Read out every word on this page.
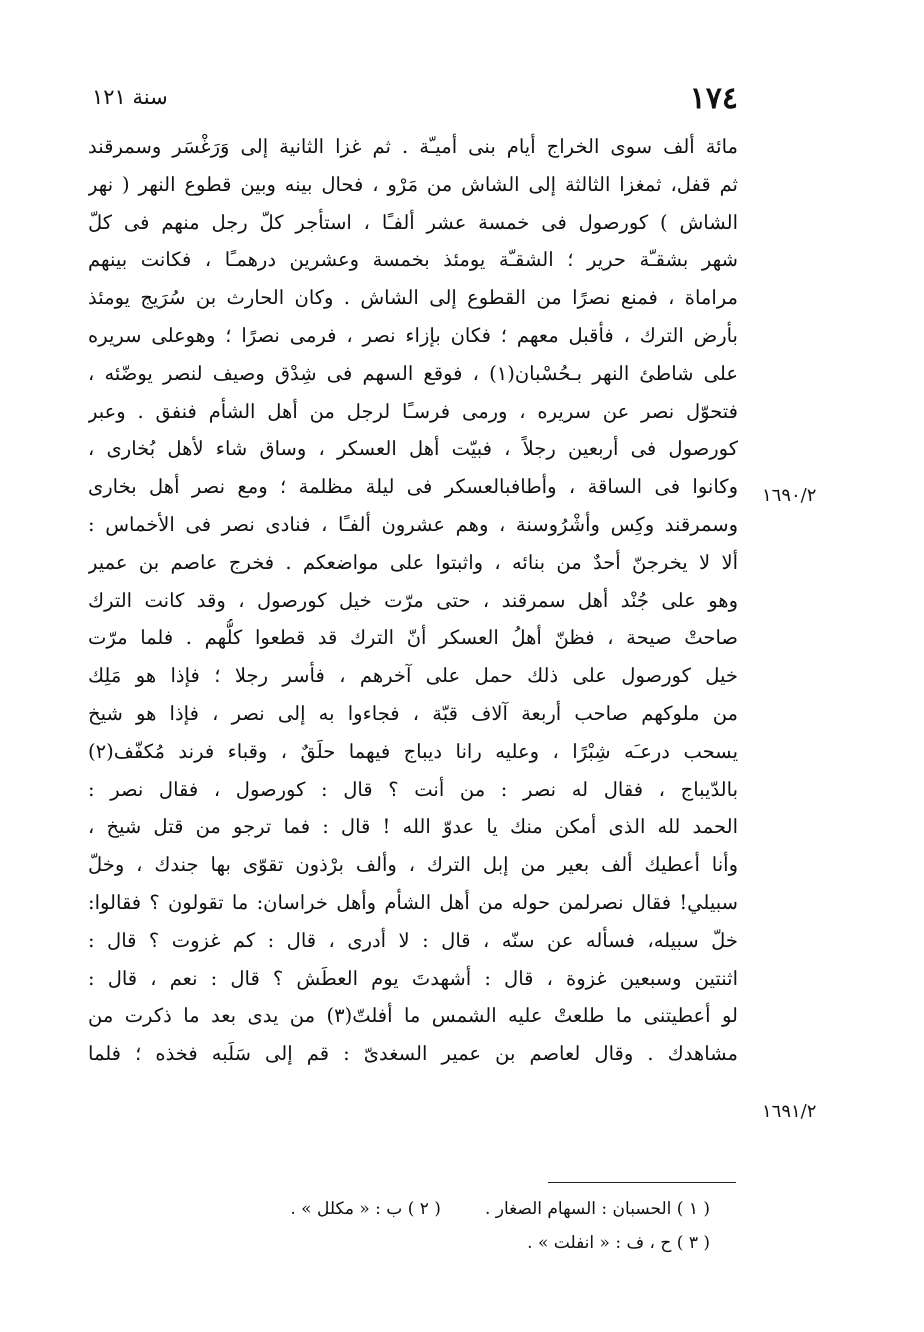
١٧٤
سنة ١٢١
مائة ألف سوى الخراج أيام بنى أميـّة . ثم غزا الثانية إلى وَرَغْسَر وسمرقند
ثم قفل، ثمغزا الثالثة إلى الشاش من مَرْو ، فحال بينه وبين قطوع النهر ( نهر
الشاش ) كورصول فى خمسة عشر ألفـًا ، استأجر كلّ رجل منهم فى كلّ
شهر بشقـّة حرير ؛ الشقـّة يومئذ بخمسة وعشرين درهمـًا ، فكانت بينهم
مراماة ، فمنع نصرًا من القطوع إلى الشاش . وكان الحارث بن سُرَيج يومئذ
بأرض الترك ، فأقبل معهم ؛ فكان بإزاء نصر ، فرمى نصرًا ؛ وهوعلى سريره
على شاطئ النهر بـحُسْبان(١) ، فوقع السهم فى شِدْق وصيف لنصر يوضّئه ،
فتحوّل نصر عن سريره ، ورمى فرسـًا لرجل من أهل الشأم فنفق . وعبر
كورصول فى أربعين رجلاً ، فبيّت أهل العسكر ، وساق شاء لأهل بُخارى ،
وكانوا فى الساقة ، وأطافبالعسكر فى ليلة مظلمة ؛ ومع نصر أهل بخارى
وسمرقند وكِس وأشْرُوسنة ، وهم عشرون ألفـًا ، فنادى نصر فى الأخماس :
ألا لا يخرجنّ أحدٌ من بنائه ، واثبتوا على مواضعكم . فخرج عاصم بن عمير
وهو على جُنْد أهل سمرقند ، حتى مرّت خيل كورصول ، وقد كانت الترك
صاحتْ صيحة ، فظنّ أهلُ العسكر أنّ الترك قد قطعوا كلُّهم . فلما مرّت
خيل كورصول على ذلك حمل على آخرهم ، فأسر رجلا ؛ فإذا هو مَلِك
من ملوكهم صاحب أربعة آلاف قبّة ، فجاءوا به إلى نصر ، فإذا هو شيخ
يسحب درعـَه شِبْرًا ، وعليه رانا ديباج فيهما حلَقٌ ، وقباء فرند مُكفّف(٢)
بالدّيباج ، فقال له نصر : من أنت ؟ قال : كورصول ، فقال نصر :
الحمد لله الذى أمكن منك يا عدوّ الله ! قال : فما ترجو من قتل شيخ ،
وأنا أعطيك ألف بعير من إبل الترك ، وألف برْذون تقوّى بها جندك ، وخلّ
سبيلي! فقال نصرلمن حوله من أهل الشأم وأهل خراسان: ما تقولون ؟ فقالوا:
خلّ سبيله، فسأله عن سنّه ، قال : لا أدرى ، قال : كم غزوت ؟ قال :
اثنتين وسبعين غزوة ، قال : أشهدتَ يوم العطَش ؟ قال : نعم ، قال :
لو أعطيتنى ما طلعتْ عليه الشمس ما أفلتّ(٣) من يدى بعد ما ذكرت من
مشاهدك . وقال لعاصم بن عمير السغدىّ : قم إلى سَلَبه فخذه ؛ فلما
١٦٩٠/٢
١٦٩١/٢
( ١ ) الحسبان : السهام الصغار .
( ٢ ) ب : « مكلل » .
( ٣ ) ح ، ف : « انفلت » .
